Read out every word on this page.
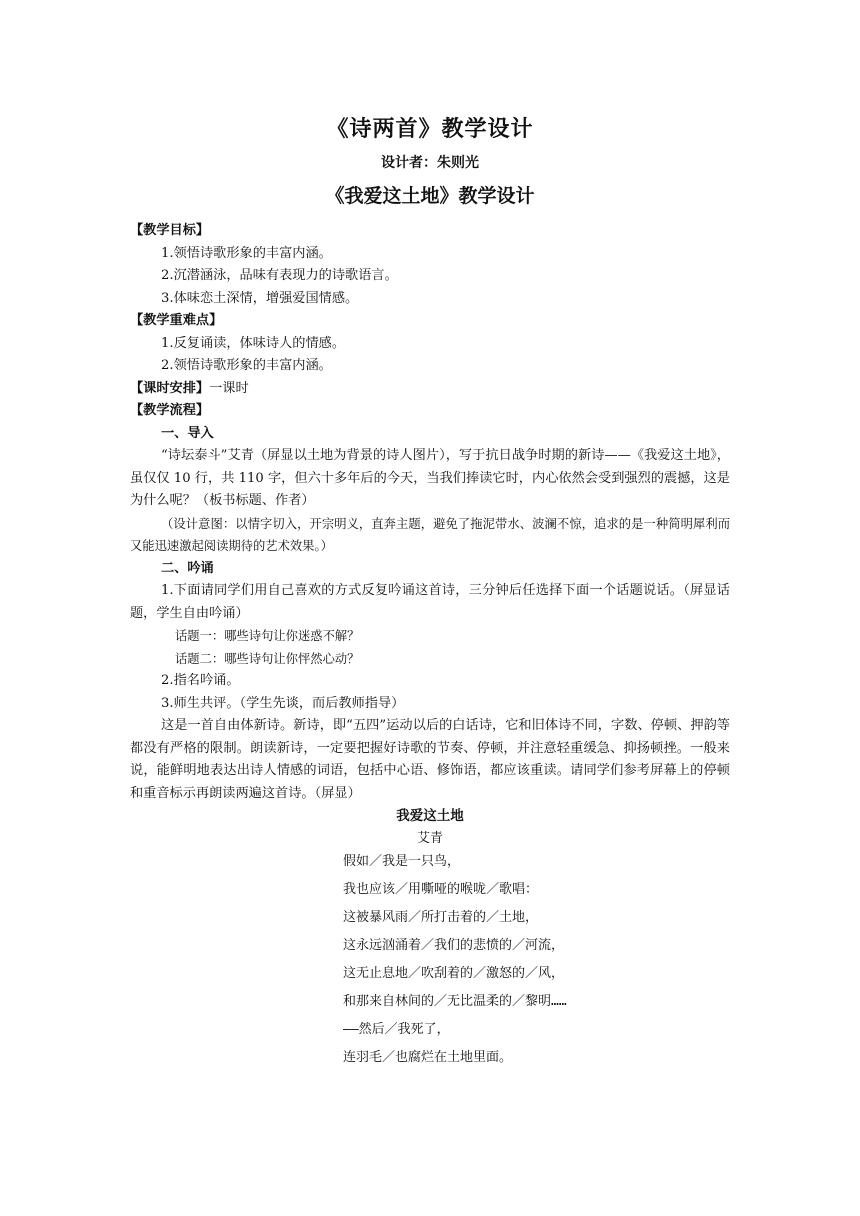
《诗两首》教学设计
设计者：朱则光
《我爱这土地》教学设计
【教学目标】
1.领悟诗歌形象的丰富内涵。
2.沉潜涵泳，品味有表现力的诗歌语言。
3.体味恋土深情，增强爱国情感。
【教学重难点】
1.反复诵读，体味诗人的情感。
2.领悟诗歌形象的丰富内涵。
【课时安排】一课时
【教学流程】
一、导入
“诗坛泰斗”艾青（屏显以土地为背景的诗人图片），写于抗日战争时期的新诗——《我爱这土地》，虽仅仅 10 行，共 110 字，但六十多年后的今天，当我们捧读它时，内心依然会受到强烈的震撼，这是为什么呢？（板书标题、作者）
（设计意图：以情字切入，开宗明义，直奔主题，避免了拖泥带水、波澜不惊，追求的是一种简明犀利而又能迅速激起阅读期待的艺术效果。）
二、吟诵
1.下面请同学们用自己喜欢的方式反复吟诵这首诗，三分钟后任选择下面一个话题说话。（屏显话题，学生自由吟诵）
话题一：哪些诗句让你迷惑不解？
话题二：哪些诗句让你怦然心动？
2.指名吟诵。
3.师生共评。（学生先谈，而后教师指导）
这是一首自由体新诗。新诗，即“五四”运动以后的白话诗，它和旧体诗不同，字数、停顿、押韵等都没有严格的限制。朗读新诗，一定要把握好诗歌的节奏、停顿，并注意轻重缓急、抑扬顿挫。一般来说，能鲜明地表达出诗人情感的词语，包括中心语、修饰语，都应该重读。请同学们参考屏幕上的停顿和重音标示再朗读两遍这首诗。（屏显）
我爱这土地
艾青
假如／我是一只鸟，
我也应该／用嘶哑的喉咙／歌唱：
这被暴风雨／所打击着的／土地，
这永远汹涌着／我们的悲愤的／河流，
这无止息地／吹刮着的／激怒的／风，
和那来自林间的／无比温柔的／黎明……
——然后／我死了，
连羽毛／也腐烂在土地里面。
